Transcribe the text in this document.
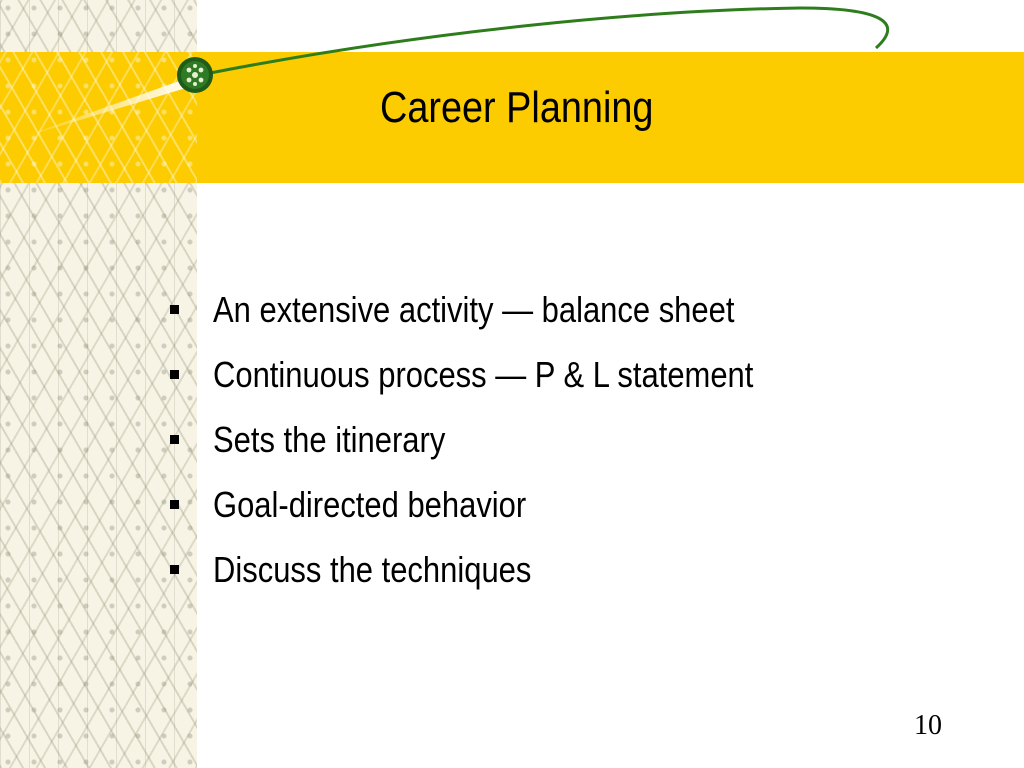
Career Planning
An extensive activity — balance sheet
Continuous process — P & L statement
Sets the itinerary
Goal-directed behavior
Discuss the techniques
10
